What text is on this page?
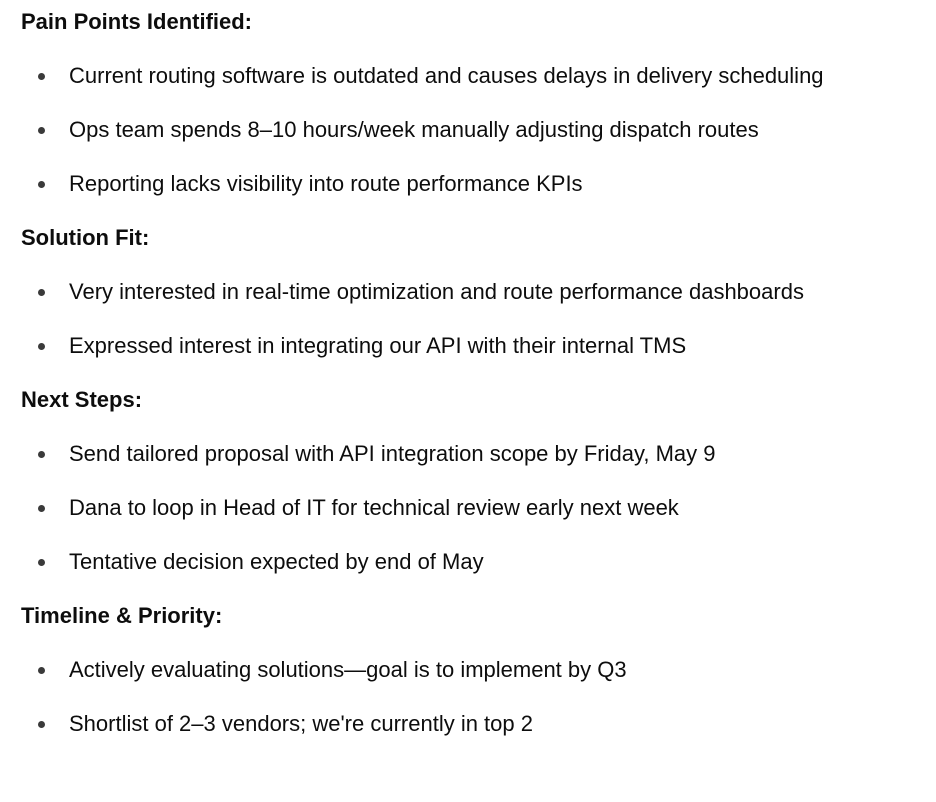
Pain Points Identified:

Current routing software is outdated and causes delays in delivery scheduling
Ops team spends 8–10 hours/week manually adjusting dispatch routes
Reporting lacks visibility into route performance KPIs

Solution Fit:

Very interested in real-time optimization and route performance dashboards
Expressed interest in integrating our API with their internal TMS

Next Steps:

Send tailored proposal with API integration scope by Friday, May 9
Dana to loop in Head of IT for technical review early next week
Tentative decision expected by end of May

Timeline & Priority:

Actively evaluating solutions—goal is to implement by Q3
Shortlist of 2–3 vendors; we're currently in top 2
